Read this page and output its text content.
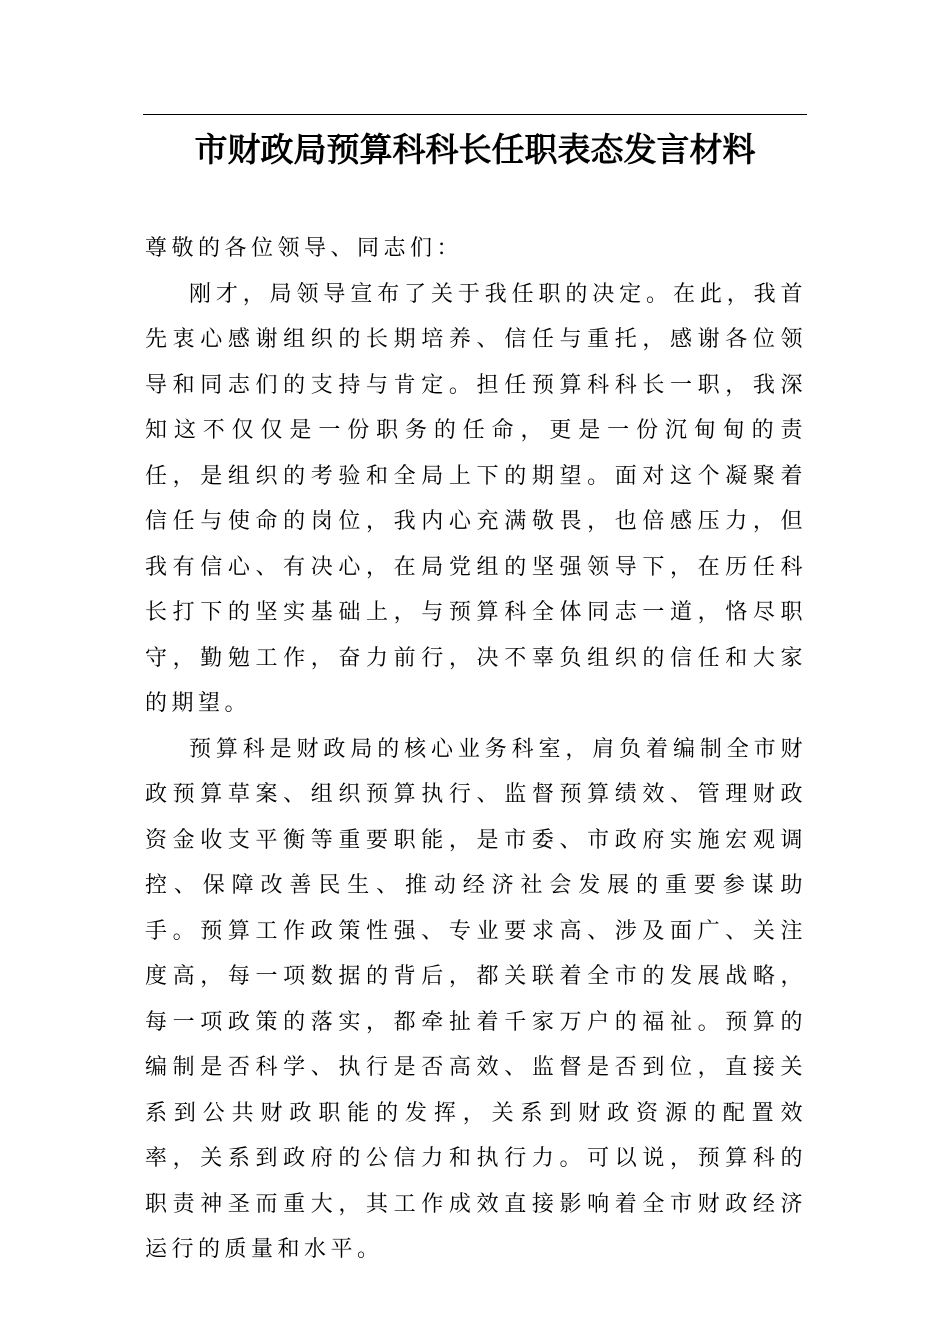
市财政局预算科科长任职表态发言材料

尊敬的各位领导、同志们：

刚才，局领导宣布了关于我任职的决定。在此，我首先衷心感谢组织的长期培养、信任与重托，感谢各位领导和同志们的支持与肯定。担任预算科科长一职，我深知这不仅仅是一份职务的任命，更是一份沉甸甸的责任，是组织的考验和全局上下的期望。面对这个凝聚着信任与使命的岗位，我内心充满敬畏，也倍感压力，但我有信心、有决心，在局党组的坚强领导下，在历任科长打下的坚实基础上，与预算科全体同志一道，恪尽职守，勤勉工作，奋力前行，决不辜负组织的信任和大家的期望。

预算科是财政局的核心业务科室，肩负着编制全市财政预算草案、组织预算执行、监督预算绩效、管理财政资金收支平衡等重要职能，是市委、市政府实施宏观调控、保障改善民生、推动经济社会发展的重要参谋助手。预算工作政策性强、专业要求高、涉及面广、关注度高，每一项数据的背后，都关联着全市的发展战略，每一项政策的落实，都牵扯着千家万户的福祉。预算的编制是否科学、执行是否高效、监督是否到位，直接关系到公共财政职能的发挥，关系到财政资源的配置效率，关系到政府的公信力和执行力。可以说，预算科的职责神圣而重大，其工作成效直接影响着全市财政经济运行的质量和水平。
